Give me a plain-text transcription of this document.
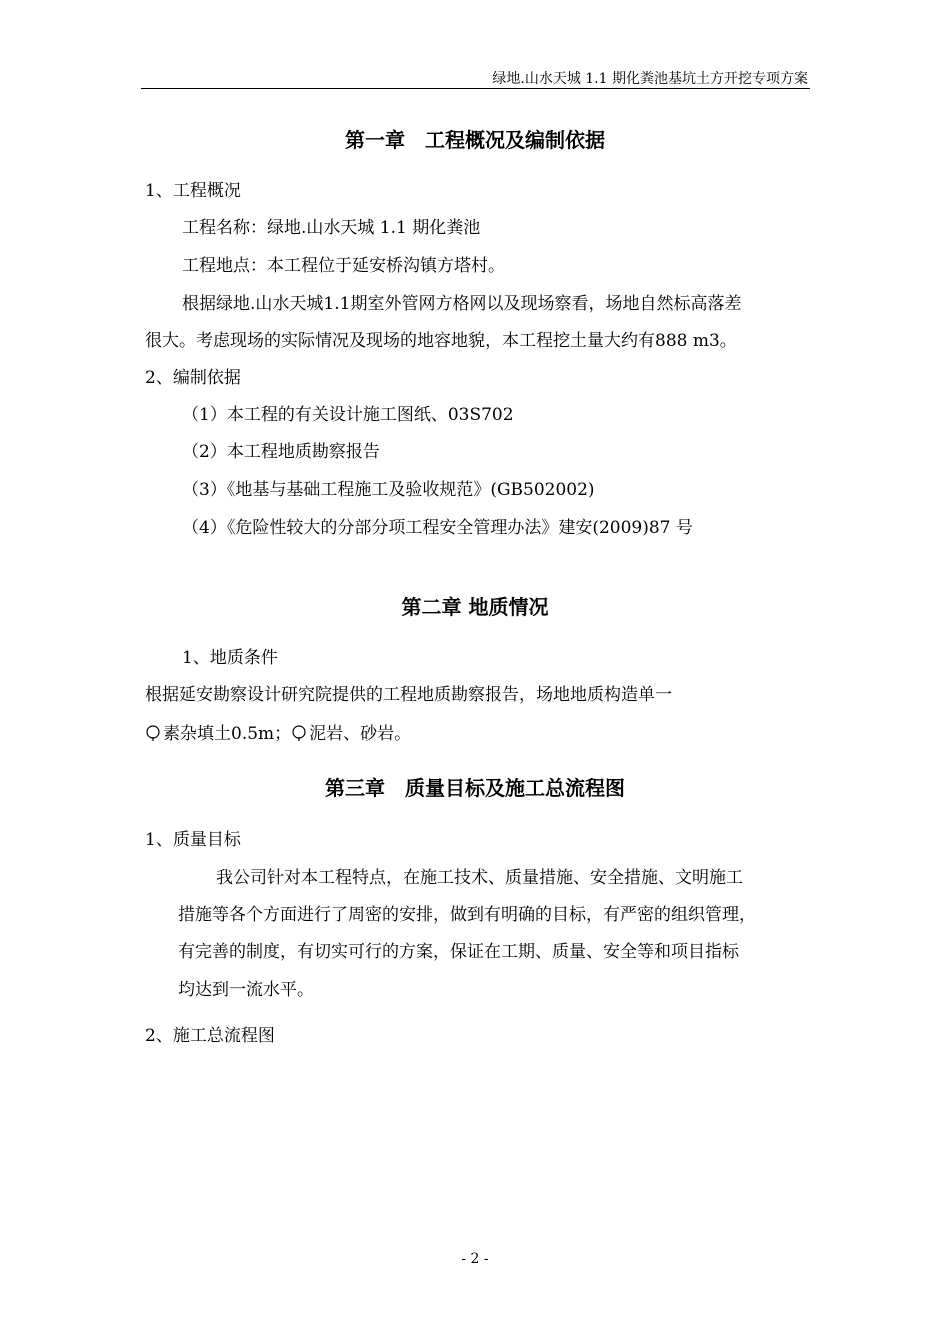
绿地.山水天城 1.1 期化粪池基坑土方开挖专项方案
第一章　工程概况及编制依据
1、工程概况
工程名称：绿地.山水天城 1.1 期化粪池
工程地点：本工程位于延安桥沟镇方塔村。
根据绿地.山水天城1.1期室外管网方格网以及现场察看，场地自然标高落差
很大。考虑现场的实际情况及现场的地容地貌，本工程挖土量大约有888 m3。
2、编制依据
（1）本工程的有关设计施工图纸、03S702
（2）本工程地质勘察报告
（3）《地基与基础工程施工及验收规范》(GB502002)
（4）《危险性较大的分部分项工程安全管理办法》建安(2009)87 号
第二章 地质情况
1、地质条件
根据延安勘察设计研究院提供的工程地质勘察报告，场地地质构造单一
素杂填土0.5m； 泥岩、砂岩。
第三章　质量目标及施工总流程图
1、质量目标
我公司针对本工程特点，在施工技术、质量措施、安全措施、文明施工
措施等各个方面进行了周密的安排，做到有明确的目标，有严密的组织管理，
有完善的制度，有切实可行的方案，保证在工期、质量、安全等和项目指标
均达到一流水平。
2、施工总流程图
- 2 -
